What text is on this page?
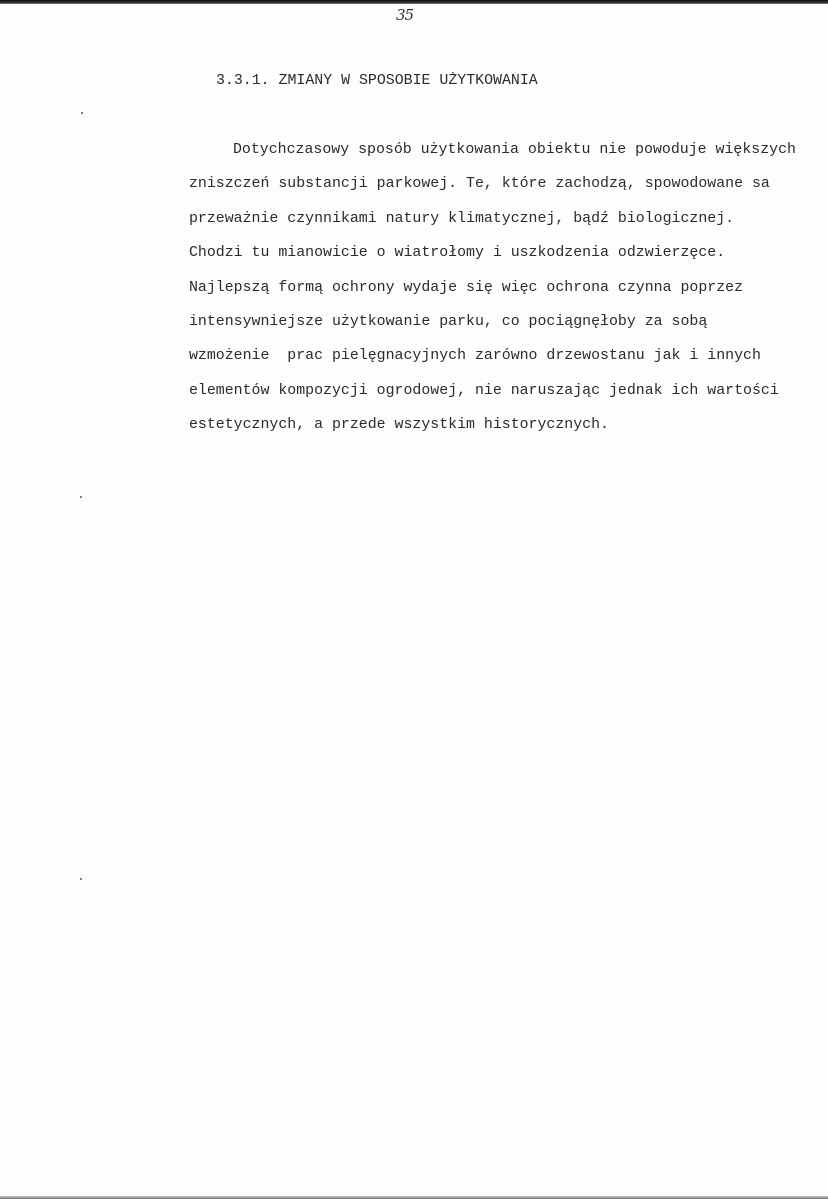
35
3.3.1. ZMIANY W SPOSOBIE UŻYTKOWANIA
Dotychczasowy sposób użytkowania obiektu nie powoduje większych
zniszczeń substancji parkowej. Te, które zachodzą, spowodowane sa
przeważnie czynnikami natury klimatycznej, bądź biologicznej.
Chodzi tu mianowicie o wiatrołomy i uszkodzenia odzwierzęce.
Najlepszą formą ochrony wydaje się więc ochrona czynna poprzez
intensywniejsze użytkowanie parku, co pociągnęłoby za sobą
wzmożenie  prac pielęgnacyjnych zarówno drzewostanu jak i innych
elementów kompozycji ogrodowej, nie naruszając jednak ich wartości
estetycznych, a przede wszystkim historycznych.
